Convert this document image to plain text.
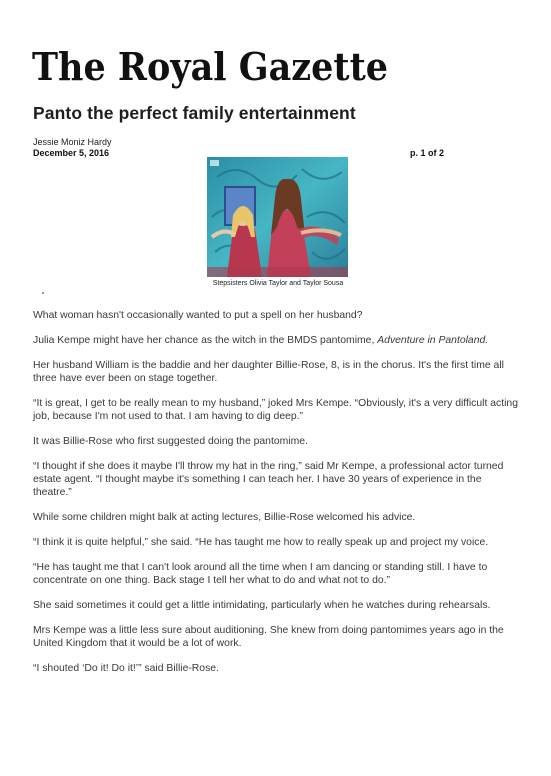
The Royal Gazette
Panto the perfect family entertainment
Jessie Moniz Hardy
December 5, 2016	p. 1 of 2
Stepsisters Olivia Taylor and Taylor Sousa

What woman hasn't occasionally wanted to put a spell on her husband?

Julia Kempe might have her chance as the witch in the BMDS pantomime, Adventure in Pantoland.

Her husband William is the baddie and her daughter Billie-Rose, 8, is in the chorus. It's the first time all three have ever been on stage together.

“It is great, I get to be really mean to my husband,” joked Mrs Kempe. “Obviously, it's a very difficult acting job, because I'm not used to that. I am having to dig deep.”

It was Billie-Rose who first suggested doing the pantomime.

“I thought if she does it maybe I'll throw my hat in the ring,” said Mr Kempe, a professional actor turned estate agent. “I thought maybe it's something I can teach her. I have 30 years of experience in the theatre.”

While some children might balk at acting lectures, Billie-Rose welcomed his advice.

“I think it is quite helpful,” she said. “He has taught me how to really speak up and project my voice.

“He has taught me that I can't look around all the time when I am dancing or standing still. I have to concentrate on one thing. Back stage I tell her what to do and what not to do.”

She said sometimes it could get a little intimidating, particularly when he watches during rehearsals.

Mrs Kempe was a little less sure about auditioning. She knew from doing pantomimes years ago in the United Kingdom that it would be a lot of work.

“I shouted ‘Do it! Do it!’” said Billie-Rose.
